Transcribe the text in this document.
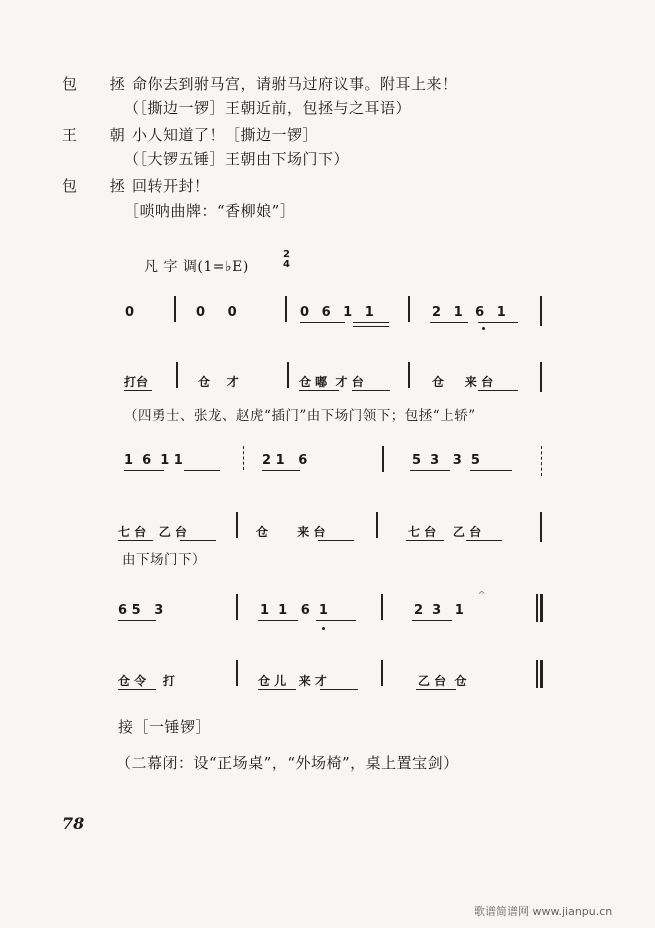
包 拯
命你去到驸马宫，请驸马过府议事。附耳上来！
（［撕边一锣］王朝近前，包拯与之耳语）
王 朝
小人知道了！［撕边一锣］
（［大锣五锤］王朝由下场门下）
包 拯
回转开封！
［唢呐曲牌：“香柳娘”］
凡 字 调(1=♭E)
2
4
0	0 0	0 6 1 1	2 1 6 1
打台	仓    才	仓 嘟  才 台	仓     来 台
（四勇士、张龙、赵虎“插门”由下场门领下；包拯“上轿”
1  6  1 1	2 1   6	5  3   3  5
七 台   乙 台	仓       来 台	七 台    乙 台
由下场门下）
6 5   3	1  1   6  1	2  3   1
𝄐
仓 令    打	仓 儿   来 才	乙 台  仓
接［一锤锣］
（二幕闭：设“正场桌”，“外场椅”，桌上置宝剑）
78
歌谱简谱网 www.jianpu.cn
